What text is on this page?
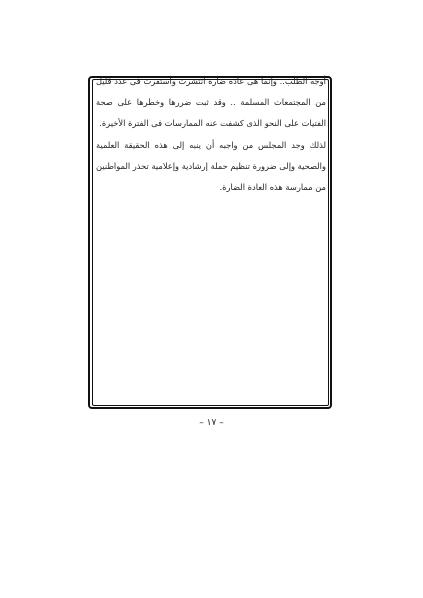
أوجه الطلب.. وإنما هى عادة ضارة انتشرت واستقرت فى عدد قليل من المجتمعات المسلمة .. وقد ثبت ضررها وخطرها على صحة الفتيات على النحو الذى كشفت عنه الممارسات فى الفترة الأخيرة.

لذلك وجد المجلس من واجبه أن ينبه إلى هذه الحقيقة العلمية والصحية وإلى ضرورة تنظيم حملة إرشادية وإعلامية تحذر المواطنين من ممارسة هذه العادة الضارة.

– ١٧ –
